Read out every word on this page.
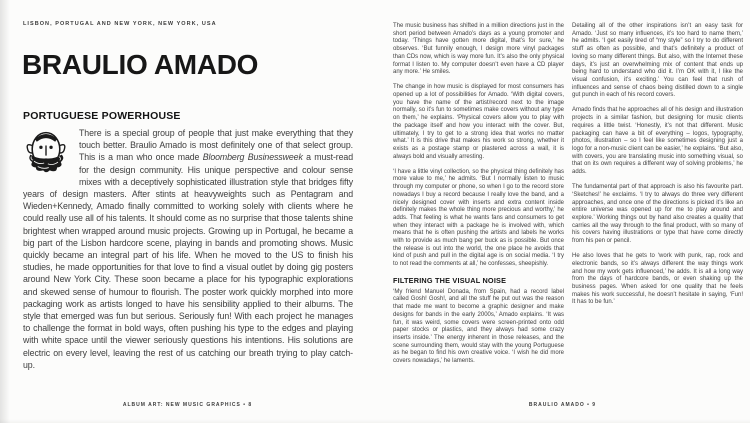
LISBON, PORTUGAL AND NEW YORK, NEW YORK, USA
BRAULIO AMADO
PORTUGUESE POWERHOUSE
There is a special group of people that just make everything that they touch better. Braulio Amado is most definitely one of that select group. This is a man who once made Bloomberg Businessweek a must-read for the design community. His unique perspective and colour sense mixes with a deceptively sophisticated illustration style that bridges fifty years of design masters. After stints at heavyweights such as Pentagram and Wieden+Kennedy, Amado finally committed to working solely with clients where he could really use all of his talents. It should come as no surprise that those talents shine brightest when wrapped around music projects. Growing up in Portugal, he became a big part of the Lisbon hardcore scene, playing in bands and promoting shows. Music quickly became an integral part of his life. When he moved to the US to finish his studies, he made opportunities for that love to find a visual outlet by doing gig posters around New York City. These soon became a place for his typographic explorations and skewed sense of humour to flourish. The poster work quickly morphed into more packaging work as artists longed to have his sensibility applied to their albums. The style that emerged was fun but serious. Seriously fun! With each project he manages to challenge the format in bold ways, often pushing his type to the edges and playing with white space until the viewer seriously questions his intentions. His solutions are electric on every level, leaving the rest of us catching our breath trying to play catch-up.
ALBUM ART: NEW MUSIC GRAPHICS • 8

The music business has shifted in a million directions just in the short period between Amado’s days as a young promoter and today. ‘Things have gotten more digital, that’s for sure,’ he observes. ‘But funnily enough, I design more vinyl packages than CDs now, which is way more fun. It’s also the only physical format I listen to. My computer doesn’t even have a CD player any more.’ He smiles.

The change in how music is displayed for most consumers has opened up a lot of possibilities for Amado. ‘With digital covers, you have the name of the artist/record next to the image normally, so it’s fun to sometimes make covers without any type on them,’ he explains. ‘Physical covers allow you to play with the package itself and how you interact with the cover. But, ultimately, I try to get to a strong idea that works no matter what.’ It is this drive that makes his work so strong, whether it exists as a postage stamp or plastered across a wall, it is always bold and visually arresting.

‘I have a little vinyl collection, so the physical thing definitely has more value to me,’ he admits. ‘But I normally listen to music through my computer or phone, so when I go to the record store nowadays I buy a record because I really love the band, and a nicely designed cover with inserts and extra content inside definitely makes the whole thing more precious and worthy,’ he adds. That feeling is what he wants fans and consumers to get when they interact with a package he is involved with, which means that he is often pushing the artists and labels he works with to provide as much bang per buck as is possible. But once the release is out into the world, the one place he avoids that kind of push and pull in the digital age is on social media. ‘I try to not read the comments at all,’ he confesses, sheepishly.

FILTERING THE VISUAL NOISE

‘My friend Manuel Donada, from Spain, had a record label called Gosh! Gosh!, and all the stuff he put out was the reason that made me want to become a graphic designer and make designs for bands in the early 2000s,’ Amado explains. ‘It was fun, it was weird, some covers were screen-printed onto odd paper stocks or plastics, and they always had some crazy inserts inside.’ The energy inherent in those releases, and the scene surrounding them, would stay with the young Portuguese as he began to find his own creative voice. ‘I wish he did more covers nowadays,’ he laments.

Detailing all of the other inspirations isn’t an easy task for Amado. ‘Just so many influences, it’s too hard to name them,’ he admits. ‘I get easily tired of “my style” so I try to do different stuff as often as possible, and that’s definitely a product of loving so many different things. But also, with the Internet these days, it’s just an overwhelming mix of content that ends up being hard to understand who did it. I’m OK with it, I like the visual confusion, it’s exciting.’ You can feel that rush of influences and sense of chaos being distilled down to a single gut punch in each of his record covers.

Amado finds that he approaches all of his design and illustration projects in a similar fashion, but designing for music clients requires a little twist. ‘Honestly, it’s not that different. Music packaging can have a bit of everything – logos, typography, photos, illustration – so I feel like sometimes designing just a logo for a non-music client can be easier,’ he explains. ‘But also, with covers, you are translating music into something visual, so that on its own requires a different way of solving problems,’ he adds.

The fundamental part of that approach is also his favourite part. ‘Sketches!’ he exclaims. ‘I try to always do three very different approaches, and once one of the directions is picked it’s like an entire universe was opened up for me to play around and explore.’ Working things out by hand also creates a quality that carries all the way through to the final product, with so many of his covers having illustrations or type that have come directly from his pen or pencil.

He also loves that he gets to ‘work with punk, rap, rock and electronic bands, so it’s always different the way things work and how my work gets influenced,’ he adds. It is all a long way from the days of hardcore bands, or even shaking up the business pages. When asked for one quality that he feels makes his work successful, he doesn’t hesitate in saying, ‘Fun! It has to be fun.’

BRAULIO AMADO • 9
